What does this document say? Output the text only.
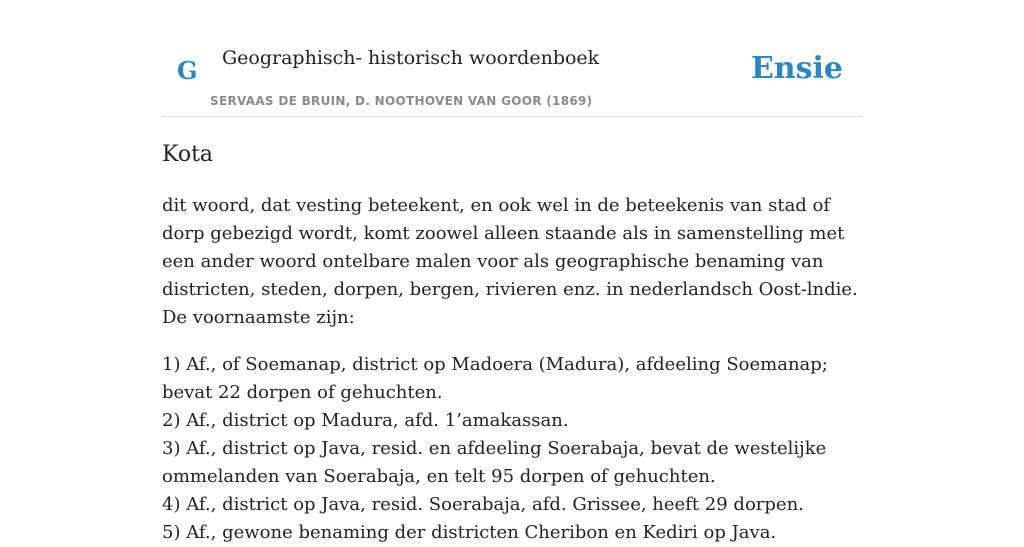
G Geographisch- historisch woordenboek
SERVAAS DE BRUIN, D. NOOTHOVEN VAN GOOR (1869)
Ensie
Kota

dit woord, dat vesting beteekent, en ook wel in de beteekenis van stad of dorp gebezigd wordt, komt zoowel alleen staande als in samenstelling met een ander woord ontelbare malen voor als geographische benaming van districten, steden, dorpen, bergen, rivieren enz. in nederlandsch Oost-lndie. De voornaamste zijn:

1) Af., of Soemanap, district op Madoera (Madura), afdeeling Soemanap; bevat 22 dorpen of gehuchten.

2) Af., district op Madura, afd. 1’amakassan.

3) Af., district op Java, resid. en afdeeling Soerabaja, bevat de westelijke ommelanden van Soerabaja, en telt 95 dorpen of gehuchten.

4) Af., district op Java, resid. Soerabaja, afd. Grissee, heeft 29 dorpen.

5) Af., gewone benaming der districten Cheribon en Kediri op Java.
